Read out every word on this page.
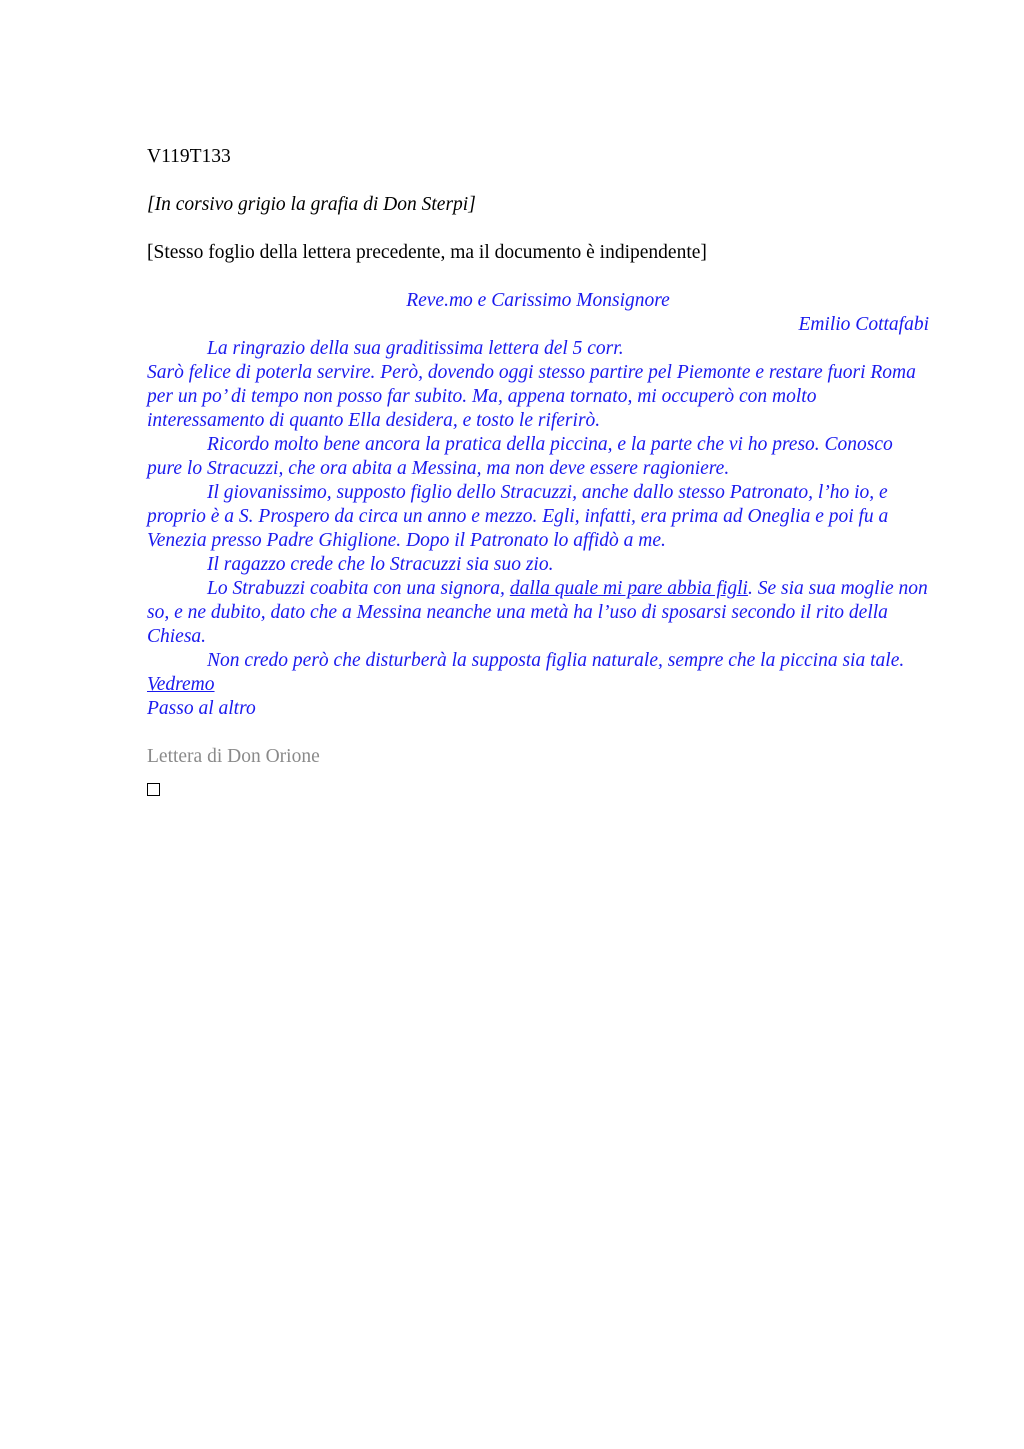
V119T133

[In corsivo grigio la grafia di Don Sterpi]

[Stesso foglio della lettera precedente, ma il documento è indipendente]

Reve.mo e Carissimo Monsignore

Emilio Cottafabi

La ringrazio della sua graditissima lettera del 5 corr.

Sarò felice di poterla servire. Però, dovendo oggi stesso partire pel Piemonte e restare fuori Roma per un po’ di tempo non posso far subito. Ma, appena tornato, mi occuperò con molto interessamento di quanto Ella desidera, e tosto le riferirò.

Ricordo molto bene ancora la pratica della piccina, e la parte che vi ho preso. Conosco pure lo Stracuzzi, che ora abita a Messina, ma non deve essere ragioniere.

Il giovanissimo, supposto figlio dello Stracuzzi, anche dallo stesso Patronato, l’ho io, e proprio è a S. Prospero da circa un anno e mezzo. Egli, infatti, era prima ad Oneglia e poi fu a Venezia presso Padre Ghiglione. Dopo il Patronato lo affidò a me.

Il ragazzo crede che lo Stracuzzi sia suo zio.

Lo Strabuzzi coabita con una signora, dalla quale mi pare abbia figli. Se sia sua moglie non so, e ne dubito, dato che a Messina neanche una metà ha l’uso di sposarsi secondo il rito della Chiesa.

Non credo però che disturberà la supposta figlia naturale, sempre che la piccina sia tale. Vedremo

Passo al altro

Lettera di Don Orione
